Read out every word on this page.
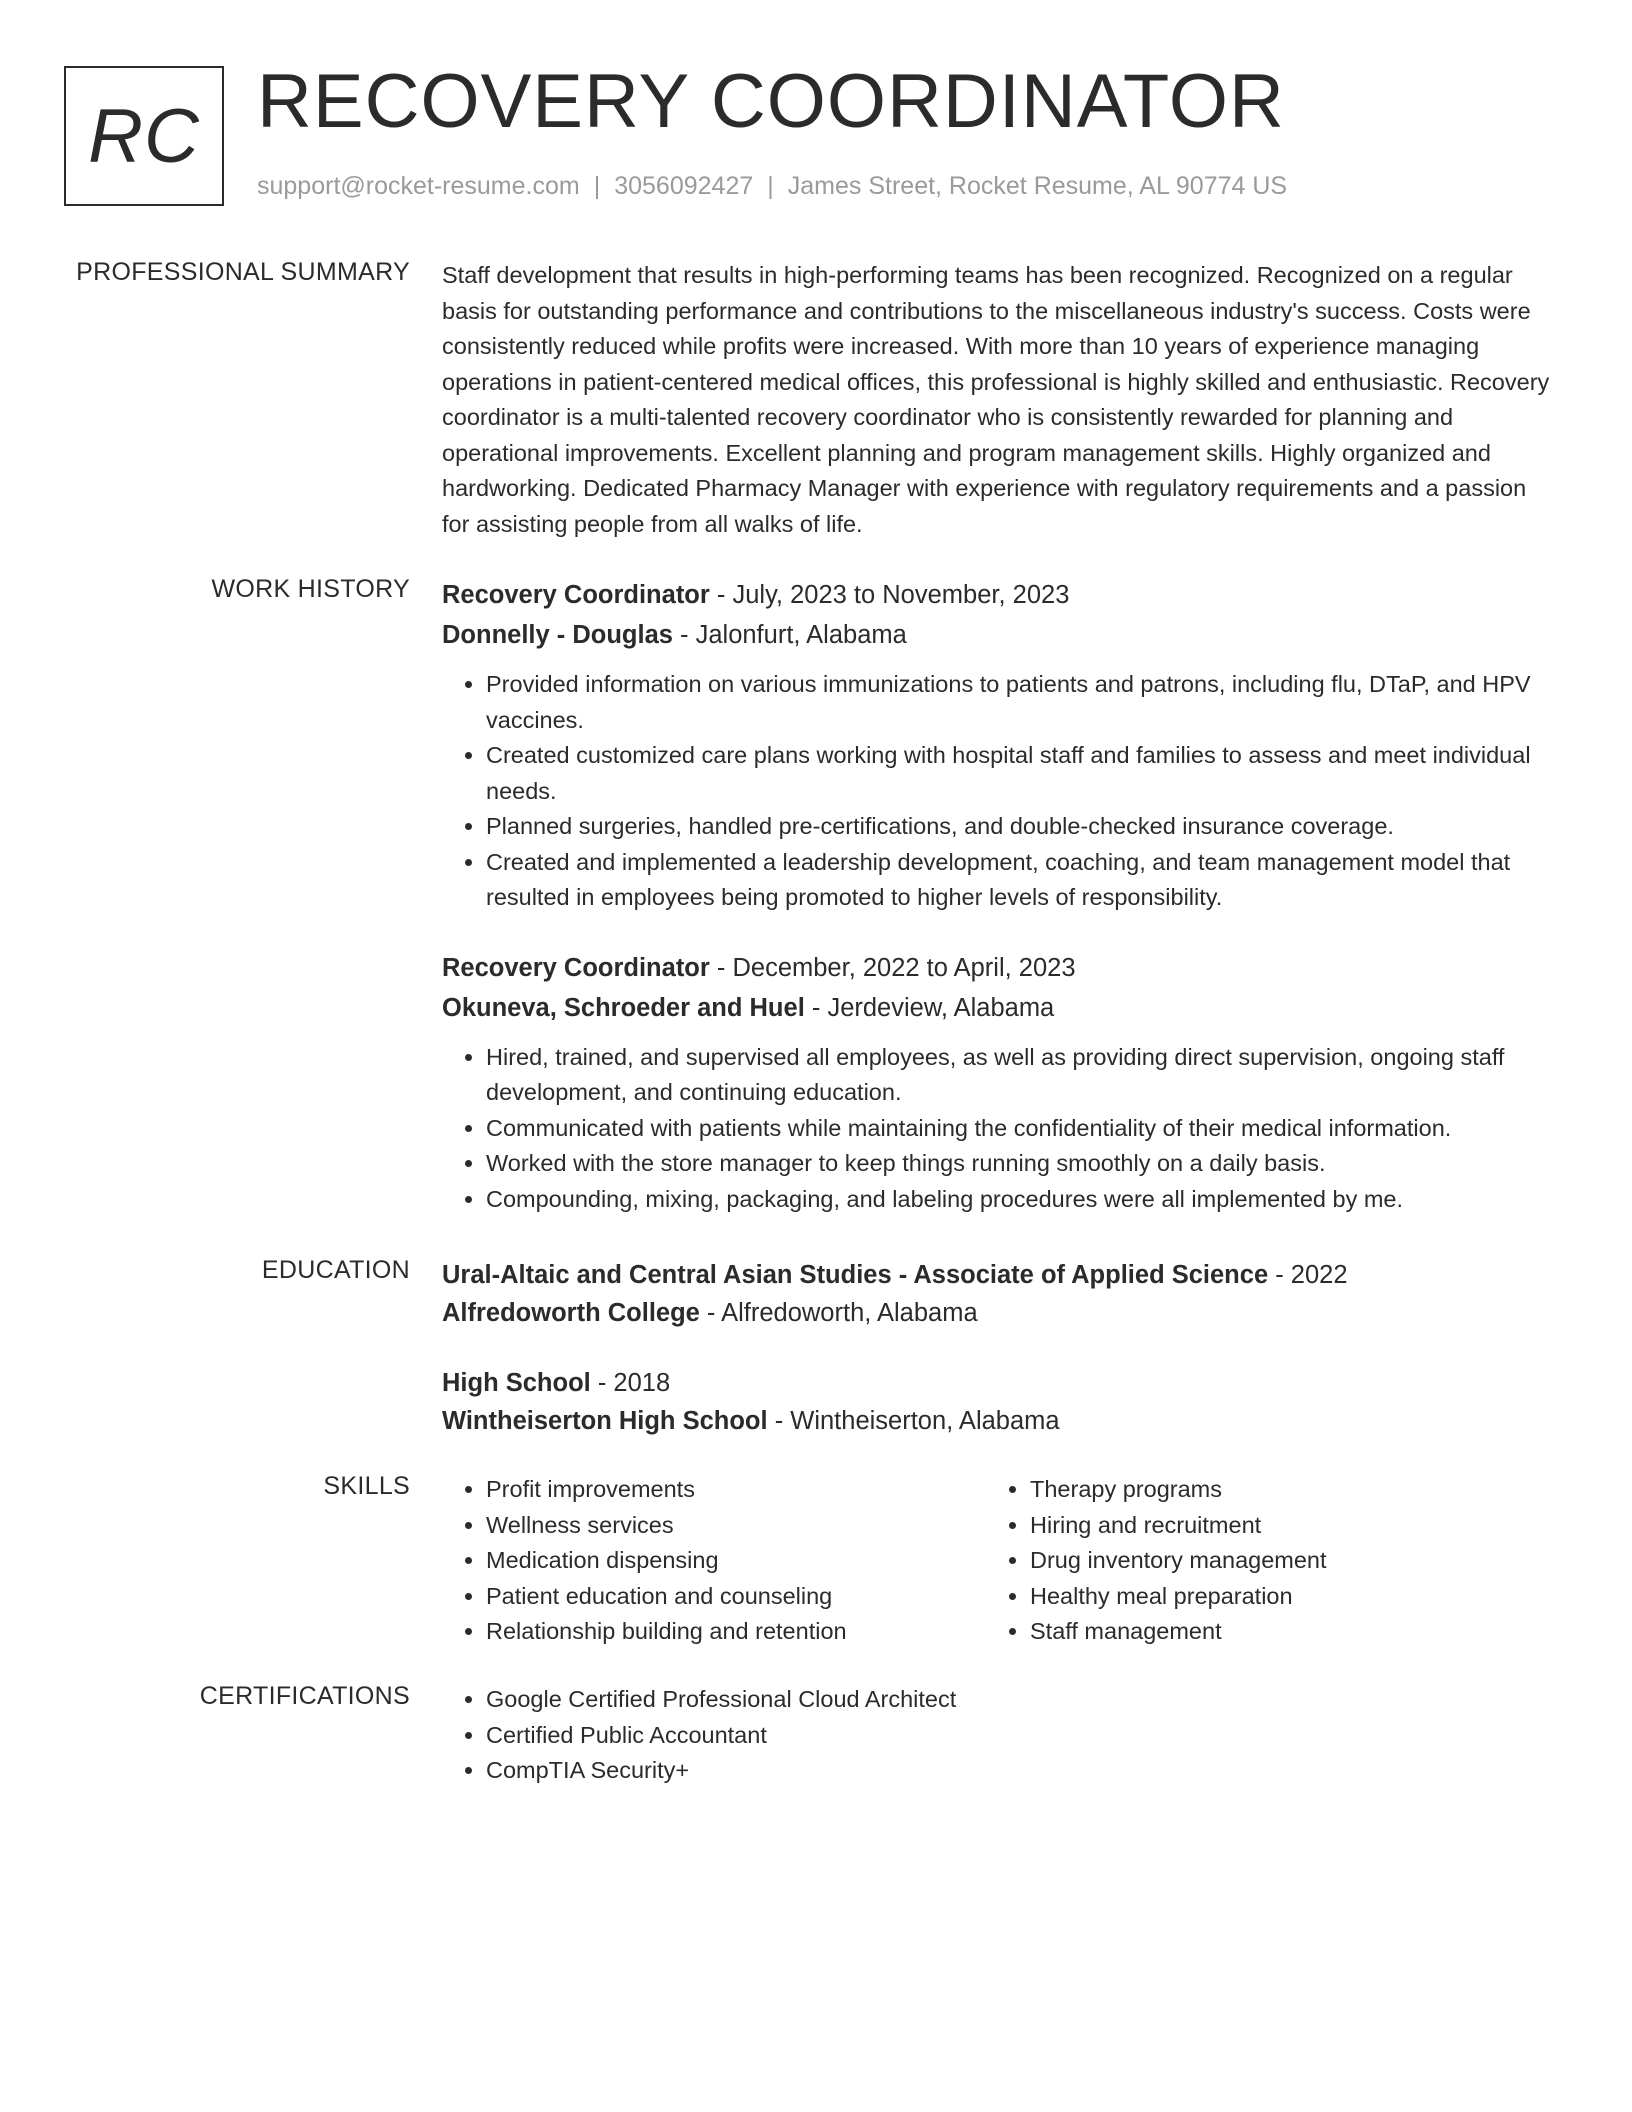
RC RECOVERY COORDINATOR
support@rocket-resume.com | 3056092427 | James Street, Rocket Resume, AL 90774 US
PROFESSIONAL SUMMARY Staff development that results in high-performing teams has been recognized. Recognized on a regular basis for outstanding performance and contributions to the miscellaneous industry's success. Costs were consistently reduced while profits were increased. With more than 10 years of experience managing operations in patient-centered medical offices, this professional is highly skilled and enthusiastic. Recovery coordinator is a multi-talented recovery coordinator who is consistently rewarded for planning and operational improvements. Excellent planning and program management skills. Highly organized and hardworking. Dedicated Pharmacy Manager with experience with regulatory requirements and a passion for assisting people from all walks of life.
WORK HISTORY Recovery Coordinator - July, 2023 to November, 2023
Donnelly - Douglas - Jalonfurt, Alabama
• Provided information on various immunizations to patients and patrons, including flu, DTaP, and HPV vaccines.
• Created customized care plans working with hospital staff and families to assess and meet individual needs.
• Planned surgeries, handled pre-certifications, and double-checked insurance coverage.
• Created and implemented a leadership development, coaching, and team management model that resulted in employees being promoted to higher levels of responsibility.
Recovery Coordinator - December, 2022 to April, 2023
Okuneva, Schroeder and Huel - Jerdeview, Alabama
• Hired, trained, and supervised all employees, as well as providing direct supervision, ongoing staff development, and continuing education.
• Communicated with patients while maintaining the confidentiality of their medical information.
• Worked with the store manager to keep things running smoothly on a daily basis.
• Compounding, mixing, packaging, and labeling procedures were all implemented by me.
EDUCATION Ural-Altaic and Central Asian Studies - Associate of Applied Science - 2022
Alfredoworth College - Alfredoworth, Alabama
High School - 2018
Wintheiserton High School - Wintheiserton, Alabama
SKILLS	• Profit improvements
• Wellness services
• Medication dispensing
• Patient education and counseling
• Relationship building and retention
• Therapy programs
• Hiring and recruitment
• Drug inventory management
• Healthy meal preparation
• Staff management
CERTIFICATIONS	• Google Certified Professional Cloud Architect
• Certified Public Accountant
• CompTIA Security+
